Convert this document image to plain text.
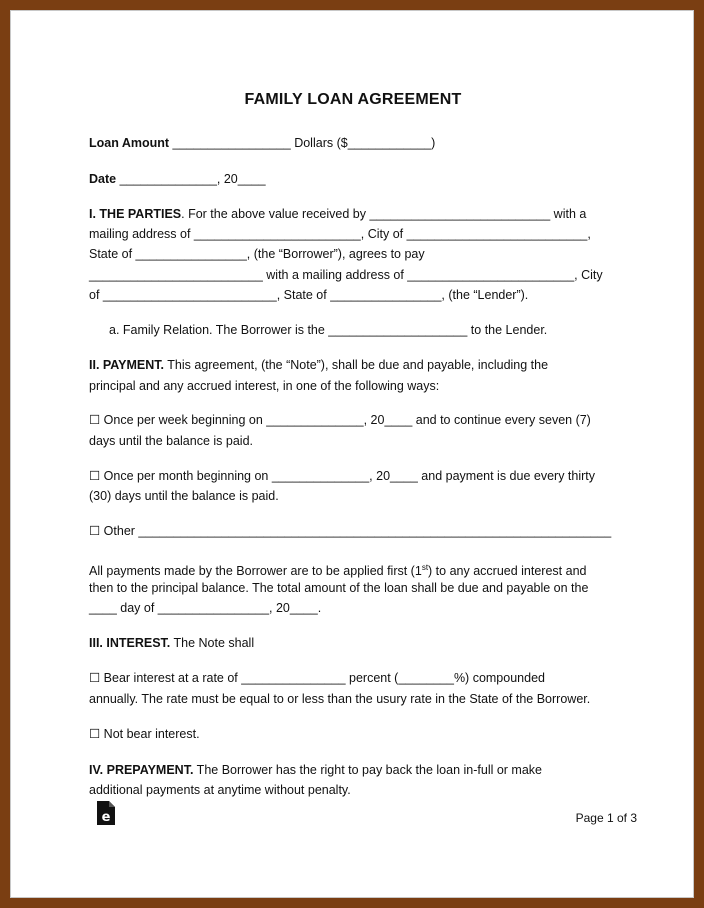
FAMILY LOAN AGREEMENT
Loan Amount _________________ Dollars ($____________)
Date ______________, 20____
I. THE PARTIES. For the above value received by __________________________ with a
mailing address of ________________________, City of __________________________,
State of ________________, (the “Borrower”), agrees to pay
_________________________ with a mailing address of ________________________, City
of _________________________, State of ________________, (the “Lender”).
a. Family Relation. The Borrower is the ____________________ to the Lender.
II. PAYMENT. This agreement, (the “Note”), shall be due and payable, including the
principal and any accrued interest, in one of the following ways:
☐ Once per week beginning on ______________, 20____ and to continue every seven (7)
days until the balance is paid.
☐ Once per month beginning on ______________, 20____ and payment is due every thirty
(30) days until the balance is paid.
☐ Other ____________________________________________________________________
All payments made by the Borrower are to be applied first (1st) to any accrued interest and
then to the principal balance. The total amount of the loan shall be due and payable on the
____ day of ________________, 20____.
III. INTEREST. The Note shall
☐ Bear interest at a rate of _______________ percent (________%) compounded
annually. The rate must be equal to or less than the usury rate in the State of the Borrower.
☐ Not bear interest.
IV. PREPAYMENT. The Borrower has the right to pay back the loan in-full or make
additional payments at anytime without penalty.
e	Page 1 of 3
